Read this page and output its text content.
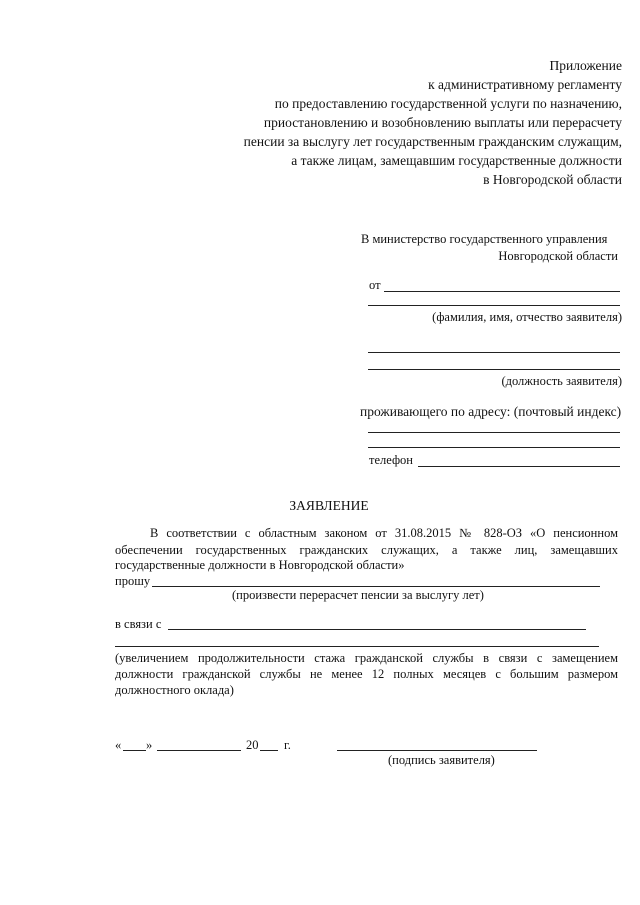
Приложение
к административному регламенту
по предоставлению государственной услуги по назначению,
приостановлению и возобновлению выплаты или перерасчету
пенсии за выслугу лет государственным гражданским служащим,
а также лицам, замещавшим государственные должности
в Новгородской области
В министерство государственного управления
Новгородской области
от
(фамилия, имя, отчество заявителя)
(должность заявителя)
проживающего по адресу: (почтовый индекс)
телефон
ЗАЯВЛЕНИЕ
В соответствии с областным законом от 31.08.2015 № 828-ОЗ «О пенсионном
обеспечении государственных гражданских служащих, а также лиц, замещавших
государственные должности в Новгородской области»
прошу
(произвести перерасчет пенсии за выслугу лет)
в связи с
(увеличением продолжительности стажа гражданской службы в связи с замещением
должности гражданской службы не менее 12 полных месяцев с большим размером
должностного оклада)
« »	20 г.
(подпись заявителя)
